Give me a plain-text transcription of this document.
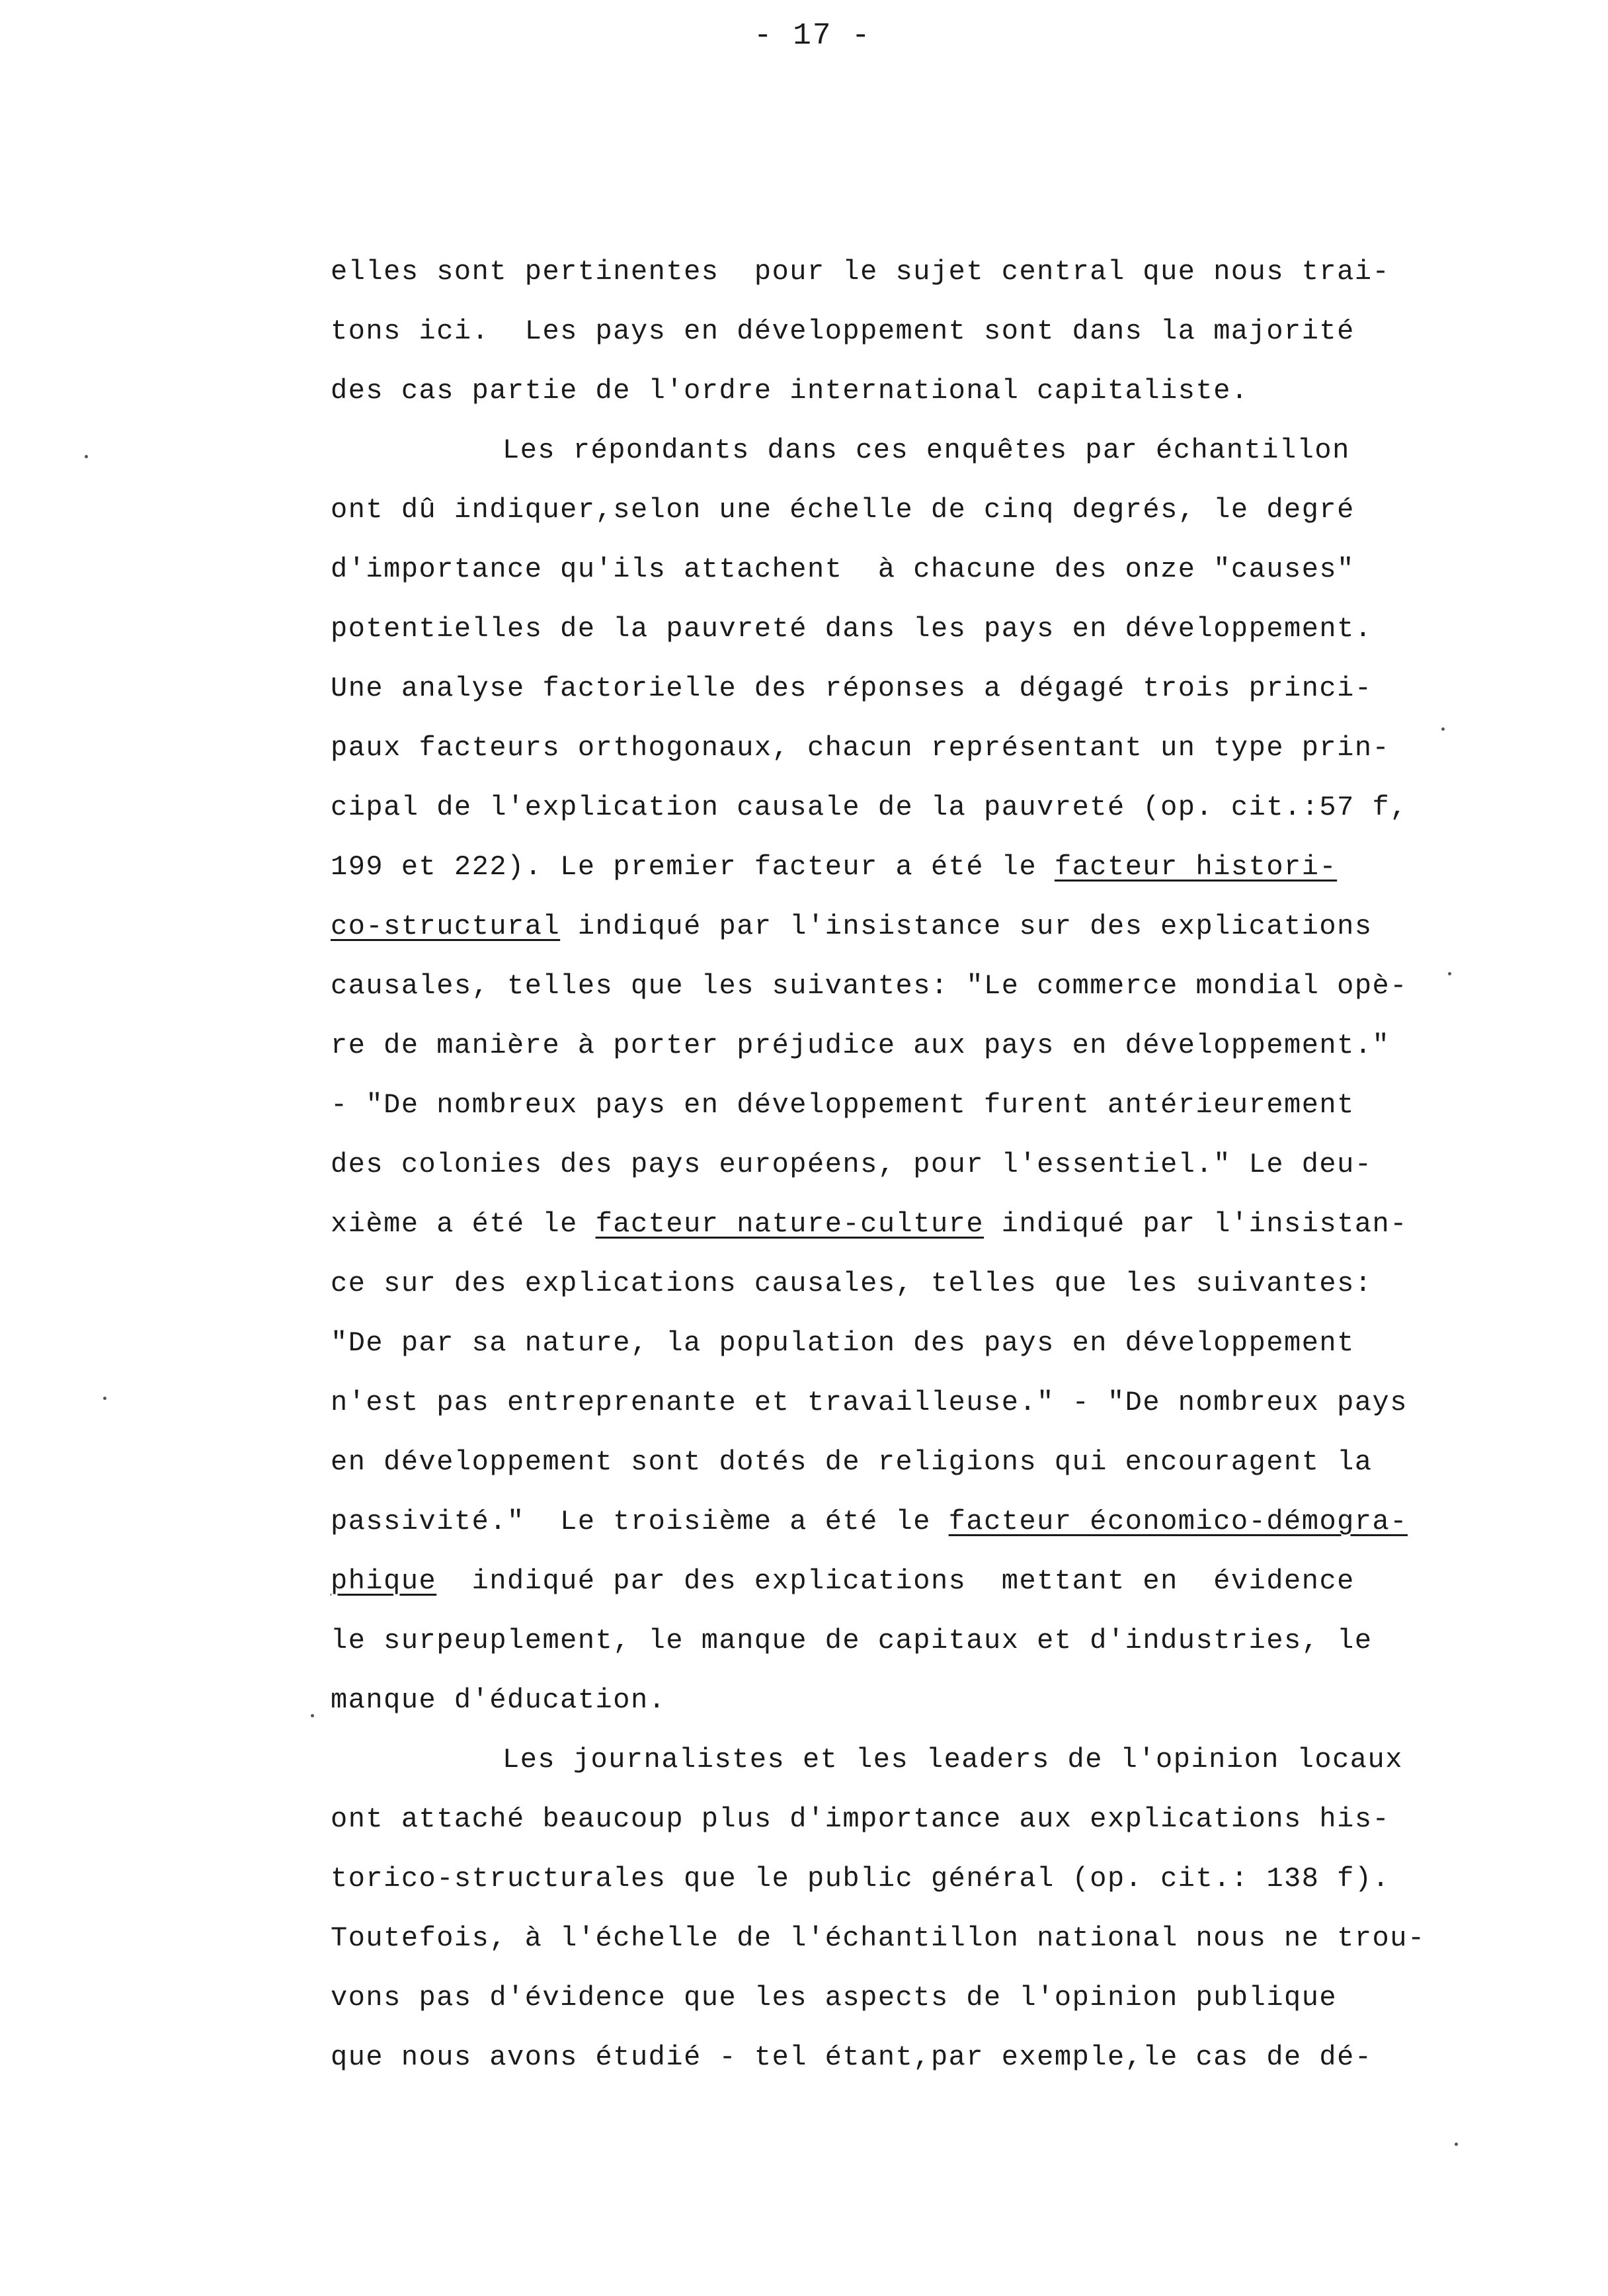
- 17 -
elles sont pertinentes  pour le sujet central que nous trai-
tons ici.  Les pays en développement sont dans la majorité
des cas partie de l'ordre international capitaliste.
Les répondants dans ces enquêtes par échantillon
ont dû indiquer,selon une échelle de cinq degrés, le degré
d'importance qu'ils attachent  à chacune des onze "causes"
potentielles de la pauvreté dans les pays en développement.
Une analyse factorielle des réponses a dégagé trois princi-
paux facteurs orthogonaux, chacun représentant un type prin-
cipal de l'explication causale de la pauvreté (op. cit.:57 f,
199 et 222). Le premier facteur a été le facteur histori-
co-structural indiqué par l'insistance sur des explications
causales, telles que les suivantes: "Le commerce mondial opè-
re de manière à porter préjudice aux pays en développement."
- "De nombreux pays en développement furent antérieurement
des colonies des pays européens, pour l'essentiel." Le deu-
xième a été le facteur nature-culture indiqué par l'insistan-
ce sur des explications causales, telles que les suivantes:
"De par sa nature, la population des pays en développement
n'est pas entreprenante et travailleuse." - "De nombreux pays
en développement sont dotés de religions qui encouragent la
passivité."  Le troisième a été le facteur économico-démogra-
phique  indiqué par des explications  mettant en  évidence
le surpeuplement, le manque de capitaux et d'industries, le
manque d'éducation.
Les journalistes et les leaders de l'opinion locaux
ont attaché beaucoup plus d'importance aux explications his-
torico-structurales que le public général (op. cit.: 138 f).
Toutefois, à l'échelle de l'échantillon national nous ne trou-
vons pas d'évidence que les aspects de l'opinion publique
que nous avons étudié - tel étant,par exemple,le cas de dé-
